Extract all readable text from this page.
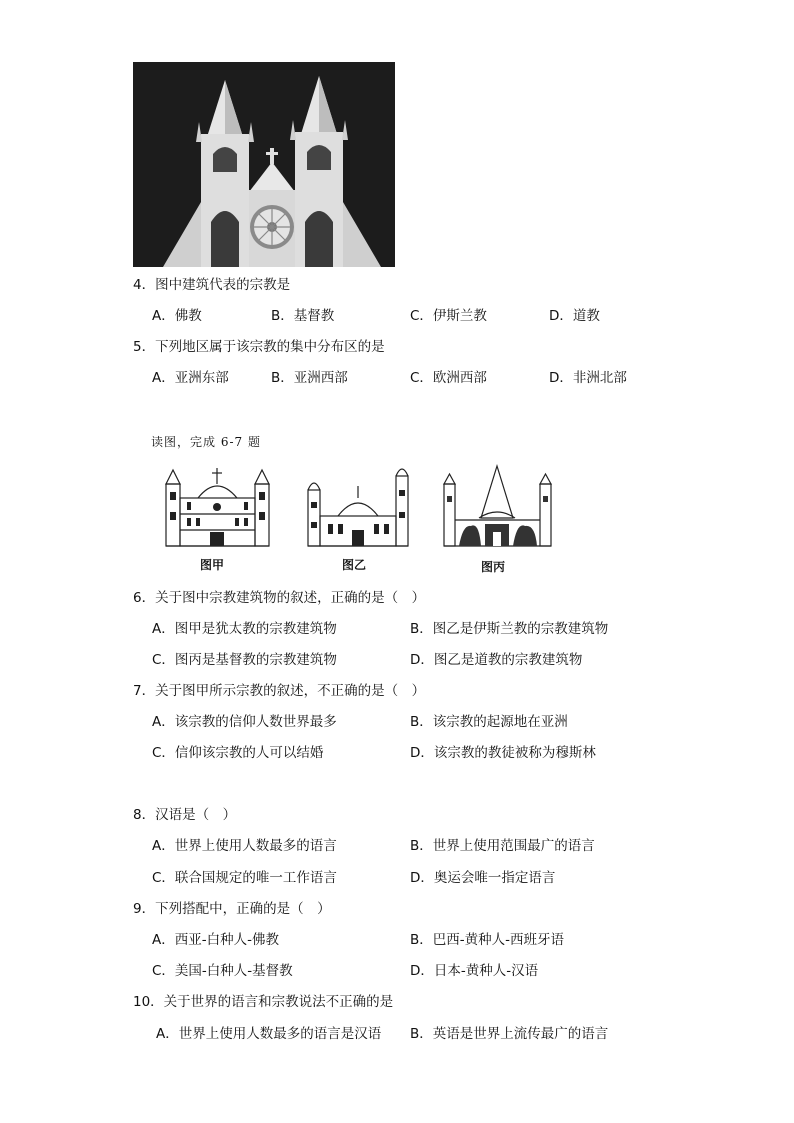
4．图中建筑代表的宗教是
A．佛教	B．基督教	C．伊斯兰教	D．道教
5．下列地区属于该宗教的集中分布区的是
A．亚洲东部	B．亚洲西部	C．欧洲西部	D．非洲北部
读图，完成 6-7 题
图甲	图乙	图丙
6．关于图中宗教建筑物的叙述，正确的是（　）
A．图甲是犹太教的宗教建筑物	B．图乙是伊斯兰教的宗教建筑物
C．图丙是基督教的宗教建筑物	D．图乙是道教的宗教建筑物
7．关于图甲所示宗教的叙述，不正确的是（　）
A．该宗教的信仰人数世界最多	B．该宗教的起源地在亚洲
C．信仰该宗教的人可以结婚	D．该宗教的教徒被称为穆斯林
8．汉语是（　）
A．世界上使用人数最多的语言	B．世界上使用范围最广的语言
C．联合国规定的唯一工作语言	D．奥运会唯一指定语言
9．下列搭配中，正确的是（　）
A．西亚-白种人-佛教	B．巴西-黄种人-西班牙语
C．美国-白种人-基督教	D．日本-黄种人-汉语
10．关于世界的语言和宗教说法不正确的是
A．世界上使用人数最多的语言是汉语 B．英语是世界上流传最广的语言
